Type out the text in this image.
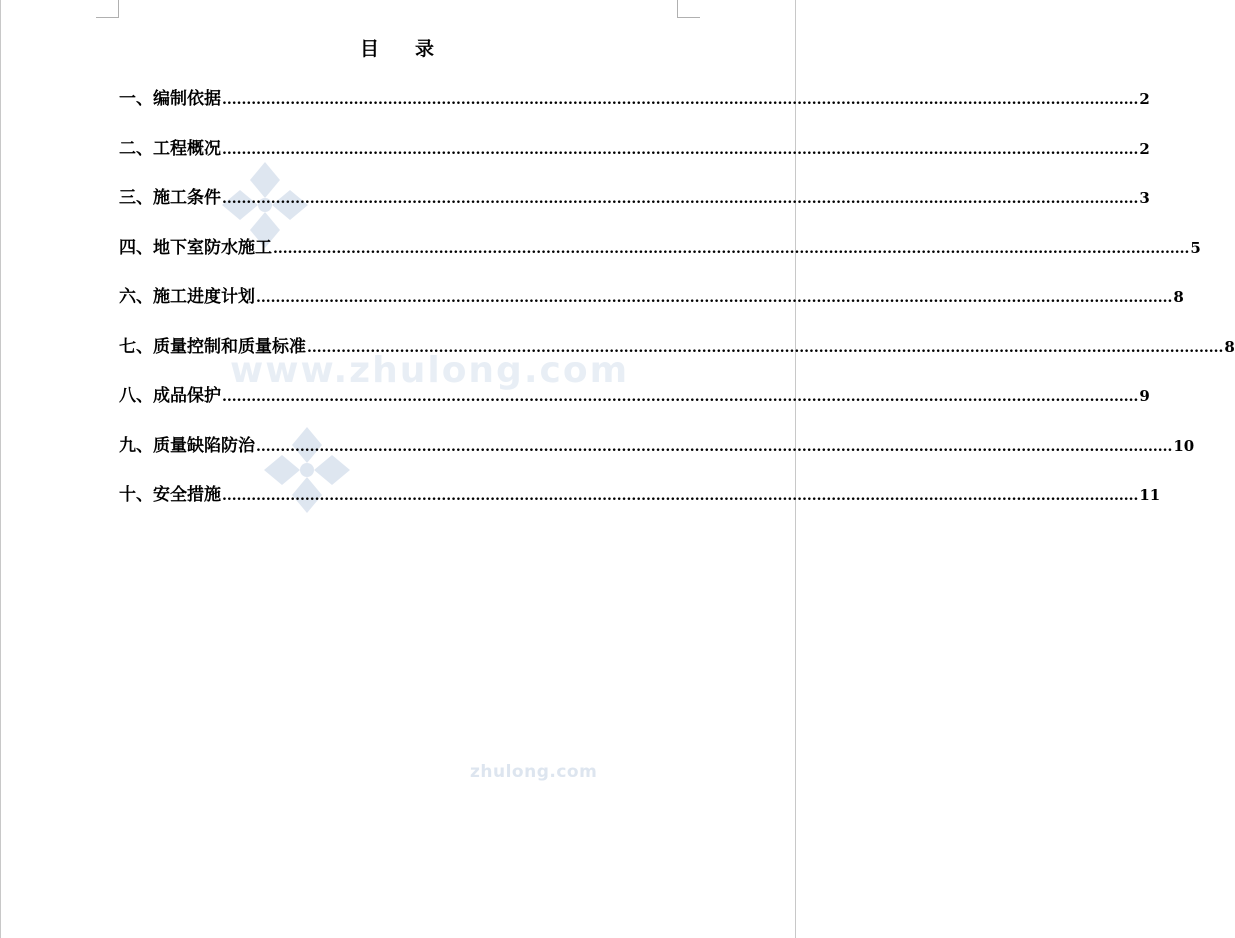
www.zhulong.com
目 录
一、 编制依据 ............................................................................................................................................................................................ 2
二、 工程概况 ............................................................................................................................................................................................ 2
三、 施工条件 ............................................................................................................................................................................................ 3
四、 地下室防水施工 ............................................................................................................................................................................................ 5
六、 施工进度计划 ............................................................................................................................................................................................ 8
七、 质量控制和质量标准 ............................................................................................................................................................................................ 8
八、 成品保护 ............................................................................................................................................................................................ 9
九、 质量缺陷防治 ............................................................................................................................................................................................ 10
十、 安全措施 ............................................................................................................................................................................................ 11
zhulong.com
